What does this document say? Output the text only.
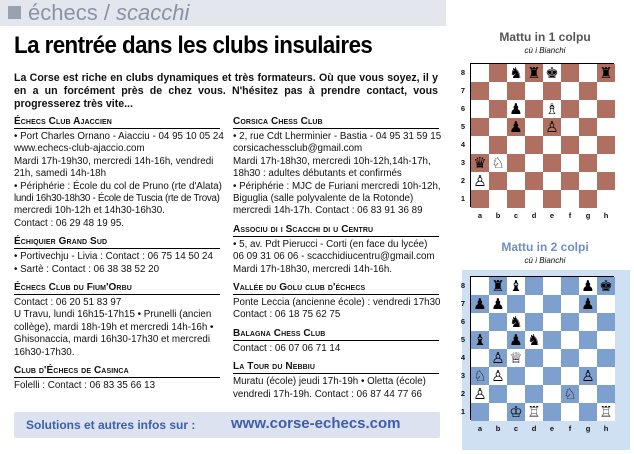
échecs / scacchi
La rentrée dans les clubs insulaires
La Corse est riche en clubs dynamiques et très formateurs. Où que vous soyez, il y en a un forcément près de chez vous. N'hésitez pas à prendre contact, vous progresserez très vite...
Échecs Club Ajaccien

• Port Charles Ornano - Aiacciu - 04 95 10 05 24

www.echecs-club-ajaccio.com

Mardi 17h-19h30, mercredi 14h-16h, vendredi

21h, samedi 14h-18h

• Périphérie : École du col de Pruno (rte d'Alata)

lundi 16h30-18h30 - École de Tuscia (rte de Trova)

mercredi 10h-12h et 14h30-16h30.

Contact : 06 29 48 19 95.

Échiquier Grand Sud

• Portivechju - Livia : Contact : 06 75 14 50 24

• Sartè : Contact : 06 38 38 52 20

Échecs Club du Fium'Orbu

Contact : 06 20 51 83 97

U Travu, lundi 16h15-17h15 • Prunelli (ancien

collège), mardi 18h-19h et mercredi 14h-16h •

Ghisonaccia, mardi 16h30-17h30 et mercredi

16h30-17h30.

Club d'Échecs de Casinca

Folelli : Contact : 06 83 35 66 13

Corsica Chess Club

• 2, rue Cdt Lherminier - Bastia - 04 95 31 59 15

corsicachessclub@gmail.com

Mardi 17h-18h30, mercredi 10h-12h,14h-17h,

18h30 : adultes débutants et confirmés

• Périphérie : MJC de Furiani mercredi 10h-12h,

Biguglia (salle polyvalente de la Rotonde)

mercredi 14h-17h. Contact : 06 83 91 36 89

Associu di i Scacchi di u Centru

• 5, av. Pdt Pierucci - Corti (en face du lycée)

06 09 31 06 06 - scacchidiucentru@gmail.com

Mardi 17h-18h30, mercredi 14h-16h.

Vallée du Golu club d'échecs

Ponte Leccia (ancienne école) : vendredi 17h30

Contact : 06 18 75 62 75

Balagna Chess Club

Contact : 06 07 06 71 14

La Tour du Nebbiu

Muratu (école) jeudi 17h-19h • Oletta (école)

vendredi 17h-19h. Contact : 06 87 44 77 66

Solutions et autres infos sur : www.corse-echecs.com
Mattu in 1 colpu
cù i Bianchi
♞ ♜ ♚	♜
♟ ♗
♟ ♙
♛ ♘
♙
Mattu in 2 colpi
cù i Bianchi
♜ ♝	♟ ♚
♟ ♟	♟
♞
♝ ♟ ♞
♙ ♕
♘ ♙	♙
♙	♘
♔ ♖	♖
8
7
6
5
4
3
2
1
a	b	c	d	e	f	g	h
8
7
6
5
4
3
2
1
a	b	c	d	e	f	g	h
